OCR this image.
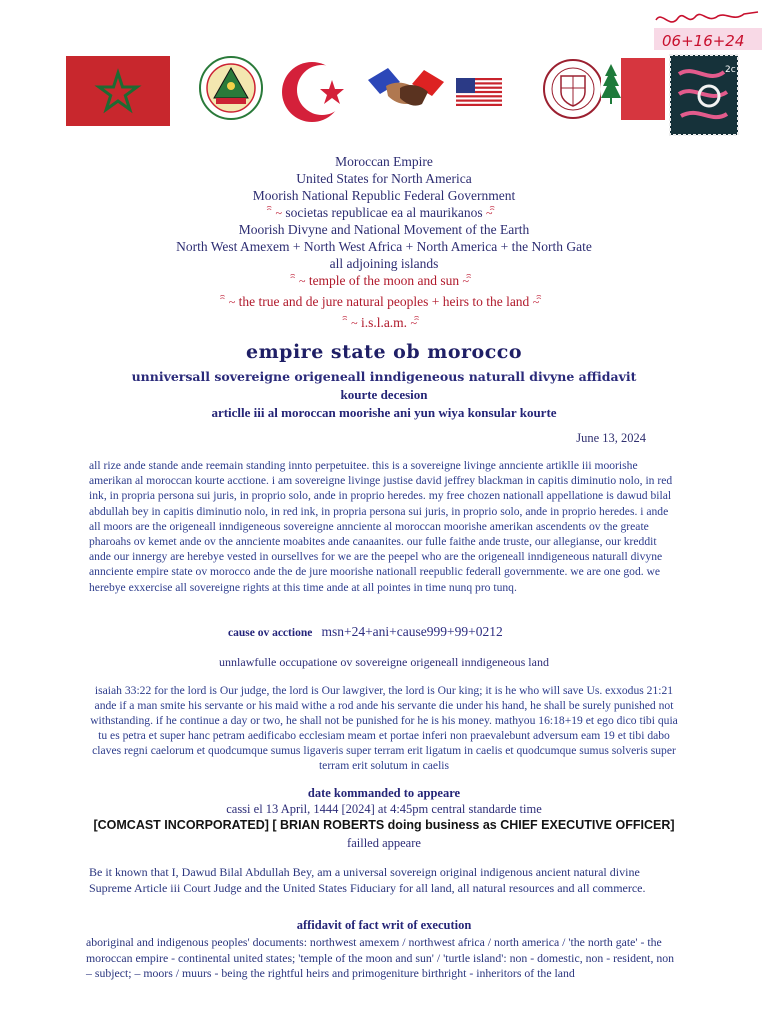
2c
06+16+24
Moroccan Empire
United States for North America
Moorish National Republic Federal Government
ꩰ ~ societas republicae ea al maurikanos ~ ꩰ
Moorish Divyne and National Movement of the Earth
North West Amexem + North West Africa + North America + the North Gate
all adjoining islands
ꩰ ~ temple of the moon and sun ~ ꩰ
ꩰ ~ the true and de jure natural peoples + heirs to the land ~ ꩰ
ꩰ ~ i.s.l.a.m. ~ ꩰ
empire state ob morocco
unniversall sovereigne origeneall inndigeneous naturall divyne affidavit
kourte decesion
articlle iii al moroccan moorishe ani yun wiya konsular kourte
June 13, 2024
all rize ande stande ande reemain standing innto perpetuitee. this is a sovereigne livinge annciente artiklle iii moorishe amerikan al moroccan kourte acctione. i am sovereigne livinge justise david jeffrey blackman in capitis diminutio nolo, in red ink, in propria persona sui juris, in proprio solo, ande in proprio heredes. my free chozen nationall appellatione is dawud bilal abdullah bey in capitis diminutio nolo, in red ink, in propria persona sui juris, in proprio solo, ande in proprio heredes. i ande all moors are the origeneall inndigeneous sovereigne annciente al moroccan moorishe amerikan ascendents ov the greate pharoahs ov kemet ande ov the annciente moabites ande canaanites. our fulle faithe ande truste, our allegianse, our kreddit ande our innergy are herebye vested in oursellves for we are the peepel who are the origeneall inndigeneous naturall divyne annciente empire state ov morocco ande the de jure moorishe nationall reepublic federall governmente. we are one god. we herebye exxercise all sovereigne rights at this time ande at all pointes in time nunq pro tunq.
cause ov acctione msn+24+ani+cause999+99+0212
unnlawfulle occupatione ov sovereigne origeneall inndigeneous land
isaiah 33:22 for the lord is Our judge, the lord is Our lawgiver, the lord is Our king; it is he who will save Us. exxodus 21:21 ande if a man smite his servante or his maid withe a rod ande his servante die under his hand, he shall be surely punished not withstanding. if he continue a day or two, he shall not be punished for he is his money. mathyou 16:18+19 et ego dico tibi quia tu es petra et super hanc petram aedificabo ecclesiam meam et portae inferi non praevalebunt adversum eam 19 et tibi dabo claves regni caelorum et quodcumque sumus ligaveris super terram erit ligatum in caelis et quodcumque sumus solveris super terram erit solutum in caelis
date kommanded to appeare
cassi el 13 April, 1444 [2024] at 4:45pm central standarde time
[COMCAST INCORPORATED] [ BRIAN ROBERTS doing business as CHIEF EXECUTIVE OFFICER]
failled appeare
Be it known that I, Dawud Bilal Abdullah Bey, am a universal sovereign original indigenous ancient natural divine Supreme Article iii Court Judge and the United States Fiduciary for all land, all natural resources and all commerce.
affidavit of fact writ of execution
aboriginal and indigenous peoples' documents: northwest amexem / northwest africa / north america / 'the north gate' - the moroccan empire - continental united states; 'temple of the moon and sun' / 'turtle island': non - domestic, non - resident, non – subject; – moors / muurs - being the rightful heirs and primogeniture birthright - inheritors of the land
